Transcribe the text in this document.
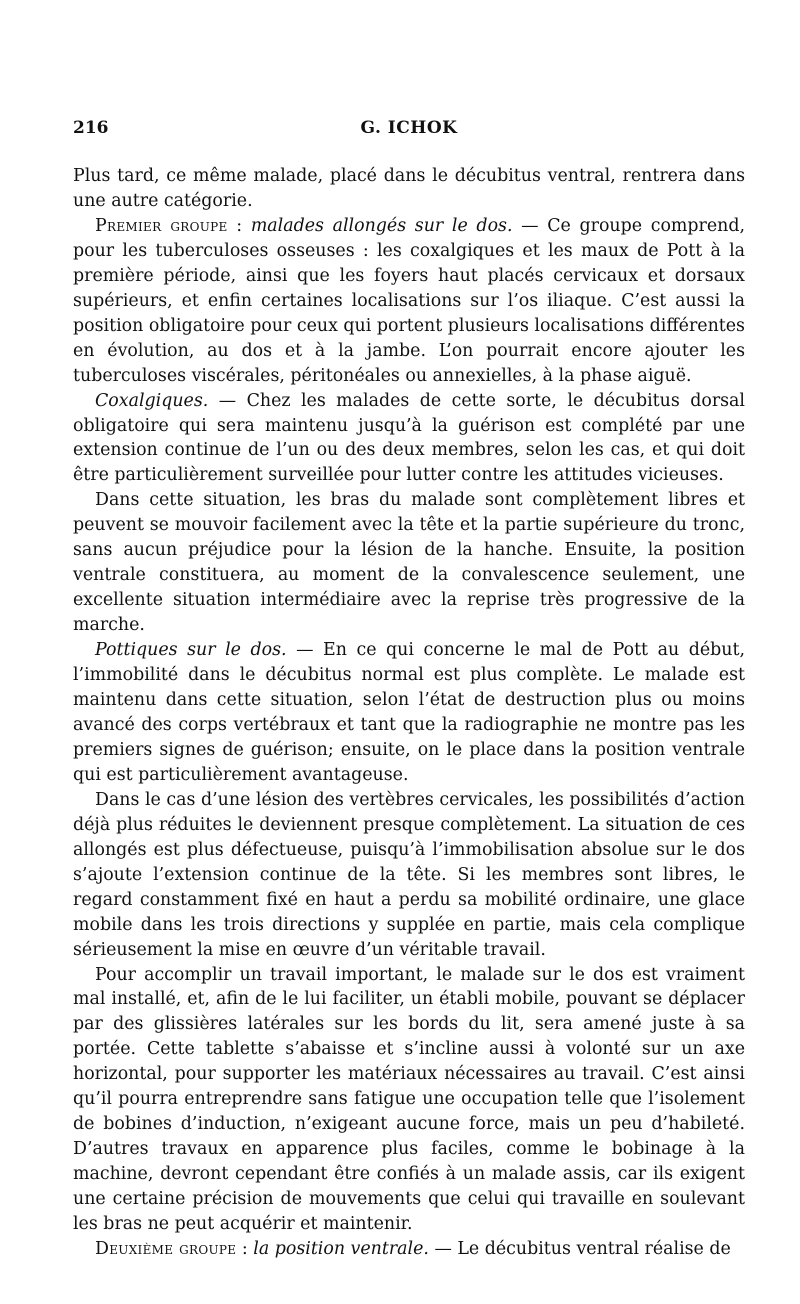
216	G. ICHOK

Plus tard, ce même malade, placé dans le décubitus ventral, rentrera dans une autre catégorie.

Premier groupe : malades allongés sur le dos. — Ce groupe comprend, pour les tuberculoses osseuses : les coxalgiques et les maux de Pott à la première période, ainsi que les foyers haut placés cervicaux et dorsaux supérieurs, et enfin certaines localisations sur l’os iliaque. C’est aussi la position obligatoire pour ceux qui portent plusieurs localisations différentes en évolution, au dos et à la jambe. L’on pourrait encore ajouter les tuberculoses viscérales, péritonéales ou annexielles, à la phase aiguë.

Coxalgiques. — Chez les malades de cette sorte, le décubitus dorsal obligatoire qui sera maintenu jusqu’à la guérison est complété par une extension continue de l’un ou des deux membres, selon les cas, et qui doit être particulièrement surveillée pour lutter contre les attitudes vicieuses.

Dans cette situation, les bras du malade sont complètement libres et peuvent se mouvoir facilement avec la tête et la partie supérieure du tronc, sans aucun préjudice pour la lésion de la hanche. Ensuite, la position ventrale constituera, au moment de la convalescence seulement, une excellente situation intermédiaire avec la reprise très progressive de la marche.

Pottiques sur le dos. — En ce qui concerne le mal de Pott au début, l’immobilité dans le décubitus normal est plus complète. Le malade est maintenu dans cette situation, selon l’état de destruction plus ou moins avancé des corps vertébraux et tant que la radiographie ne montre pas les premiers signes de guérison; ensuite, on le place dans la position ventrale qui est particulièrement avantageuse.

Dans le cas d’une lésion des vertèbres cervicales, les possibilités d’action déjà plus réduites le deviennent presque complètement. La situation de ces allongés est plus défectueuse, puisqu’à l’immobilisation absolue sur le dos s’ajoute l’extension continue de la tête. Si les membres sont libres, le regard constamment fixé en haut a perdu sa mobilité ordinaire, une glace mobile dans les trois directions y supplée en partie, mais cela complique sérieusement la mise en œuvre d’un véritable travail.

Pour accomplir un travail important, le malade sur le dos est vraiment mal installé, et, afin de le lui faciliter, un établi mobile, pouvant se déplacer par des glissières latérales sur les bords du lit, sera amené juste à sa portée. Cette tablette s’abaisse et s’incline aussi à volonté sur un axe horizontal, pour supporter les matériaux nécessaires au travail. C’est ainsi qu’il pourra entreprendre sans fatigue une occupation telle que l’isolement de bobines d’induction, n’exigeant aucune force, mais un peu d’habileté. D’autres travaux en apparence plus faciles, comme le bobinage à la machine, devront cependant être confiés à un malade assis, car ils exigent une certaine précision de mouvements que celui qui travaille en soulevant les bras ne peut acquérir et maintenir.

Deuxième groupe : la position ventrale. — Le décubitus ventral réalise de
